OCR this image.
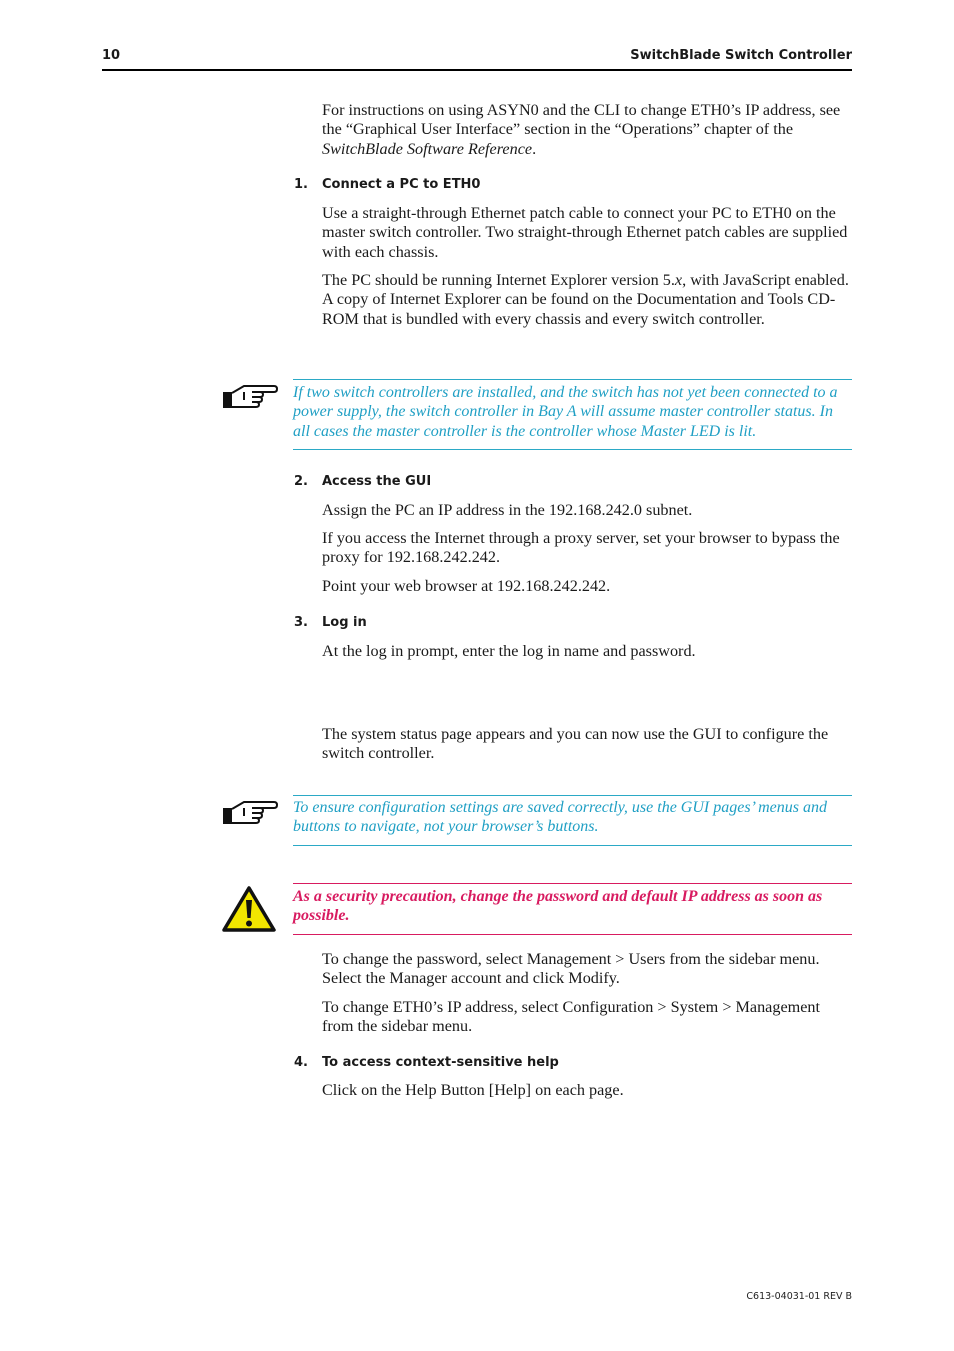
10	SwitchBlade Switch Controller
For instructions on using ASYN0 and the CLI to change ETH0’s IP address, see the “Graphical User Interface” section in the “Operations” chapter of the SwitchBlade Software Reference.
1. Connect a PC to ETH0
Use a straight-through Ethernet patch cable to connect your PC to ETH0 on the master switch controller. Two straight-through Ethernet patch cables are supplied with each chassis.
The PC should be running Internet Explorer version 5.x, with JavaScript enabled. A copy of Internet Explorer can be found on the Documentation and Tools CD-ROM that is bundled with every chassis and every switch controller.
If two switch controllers are installed, and the switch has not yet been connected to a power supply, the switch controller in Bay A will assume master controller status. In all cases the master controller is the controller whose Master LED is lit.
2. Access the GUI
Assign the PC an IP address in the 192.168.242.0 subnet.
If you access the Internet through a proxy server, set your browser to bypass the proxy for 192.168.242.242.
Point your web browser at 192.168.242.242.
3. Log in
At the log in prompt, enter the log in name and password.
The system status page appears and you can now use the GUI to configure the switch controller.
To ensure configuration settings are saved correctly, use the GUI pages’ menus and buttons to navigate, not your browser’s buttons.
As a security precaution, change the password and default IP address as soon as possible.
To change the password, select Management > Users from the sidebar menu. Select the Manager account and click Modify.
To change ETH0’s IP address, select Configuration > System > Management from the sidebar menu.
4. To access context-sensitive help
Click on the Help Button [Help] on each page.
C613-04031-01 REV B
